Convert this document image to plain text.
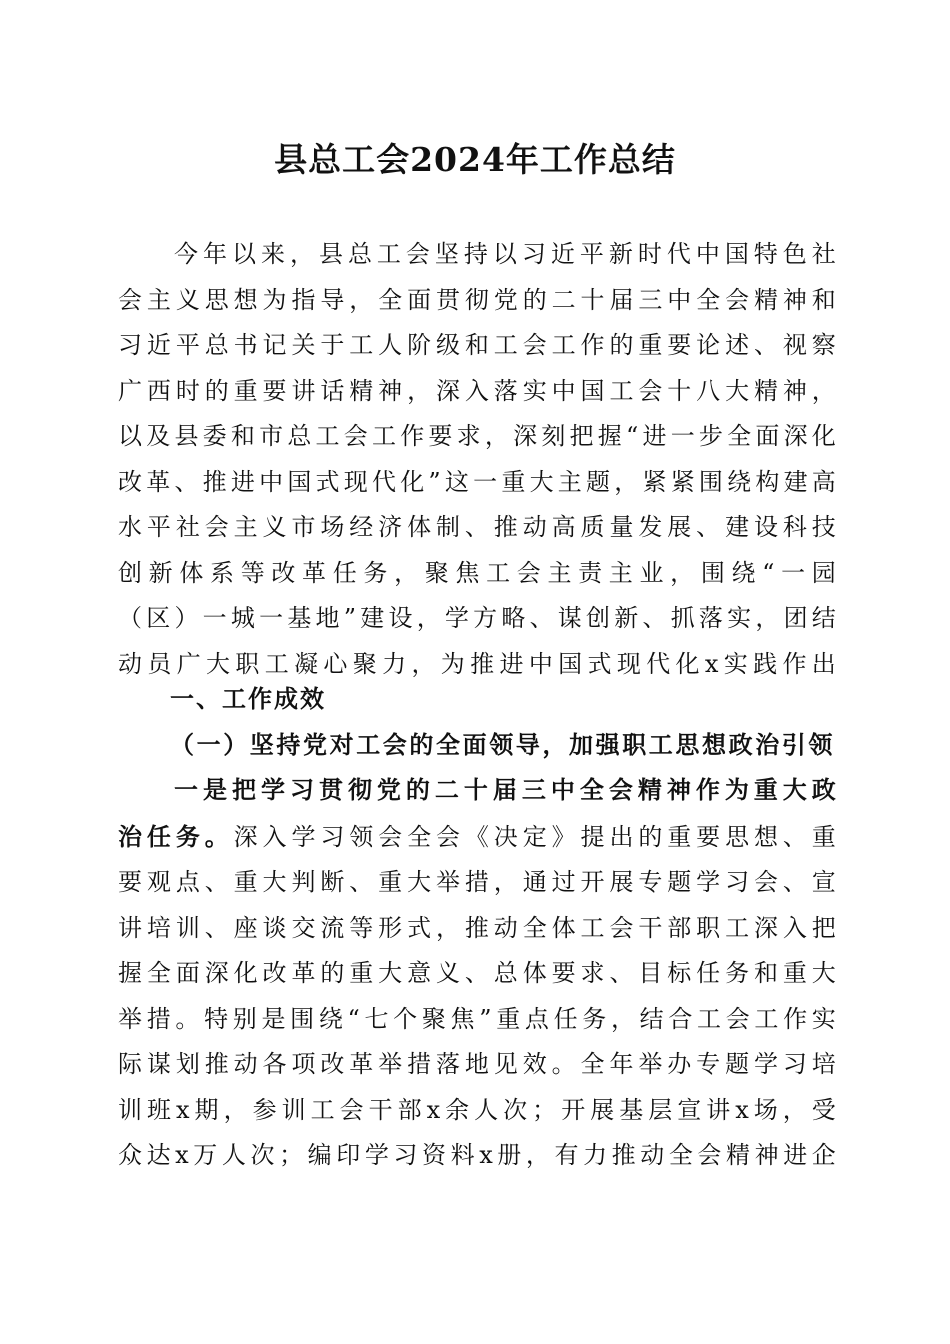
县总工会2024年工作总结
今年以来，县总工会坚持以习近平新时代中国特色社会主义思想为指导，全面贯彻党的二十届三中全会精神和习近平总书记关于工人阶级和工会工作的重要论述、视察广西时的重要讲话精神，深入落实中国工会十八大精神，以及县委和市总工会工作要求，深刻把握“进一步全面深化改革、推进中国式现代化”这一重大主题，紧紧围绕构建高水平社会主义市场经济体制、推动高质量发展、建设科技创新体系等改革任务，聚焦工会主责主业，围绕“一园（区）一城一基地”建设，学方略、谋创新、抓落实，团结动员广大职工凝心聚力，为推进中国式现代化x实践作出
一、工作成效
（一）坚持党对工会的全面领导，加强职工思想政治引领
一是把学习贯彻党的二十届三中全会精神作为重大政治任务。深入学习领会全会《决定》提出的重要思想、重要观点、重大判断、重大举措，通过开展专题学习会、宣讲培训、座谈交流等形式，推动全体工会干部职工深入把握全面深化改革的重大意义、总体要求、目标任务和重大举措。特别是围绕“七个聚焦”重点任务，结合工会工作实际谋划推动各项改革举措落地见效。全年举办专题学习培训班x期，参训工会干部x余人次；开展基层宣讲x场，受众达x万人次；编印学习资料x册，有力推动全会精神进企
